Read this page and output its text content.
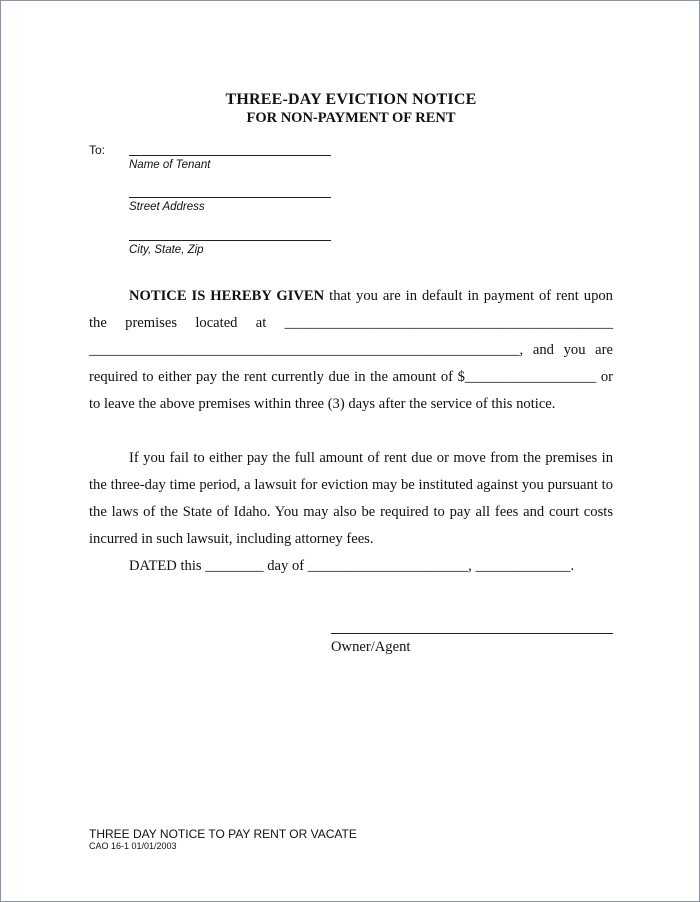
THREE-DAY EVICTION NOTICE
FOR NON-PAYMENT OF RENT
To:
Name of Tenant
Street Address
City, State, Zip
NOTICE IS HEREBY GIVEN that you are in default in payment of rent upon the premises located at _____________________________________________ ___________________________________________________________, and you are required to either pay the rent currently due in the amount of $__________________ or to leave the above premises within three (3) days after the service of this notice.
If you fail to either pay the full amount of rent due or move from the premises in the three-day time period, a lawsuit for eviction may be instituted against you pursuant to the laws of the State of Idaho. You may also be required to pay all fees and court costs incurred in such lawsuit, including attorney fees.
DATED this ________ day of ______________________, _____________.
Owner/Agent
THREE DAY NOTICE TO PAY RENT OR VACATE
CAO 16-1 01/01/2003
